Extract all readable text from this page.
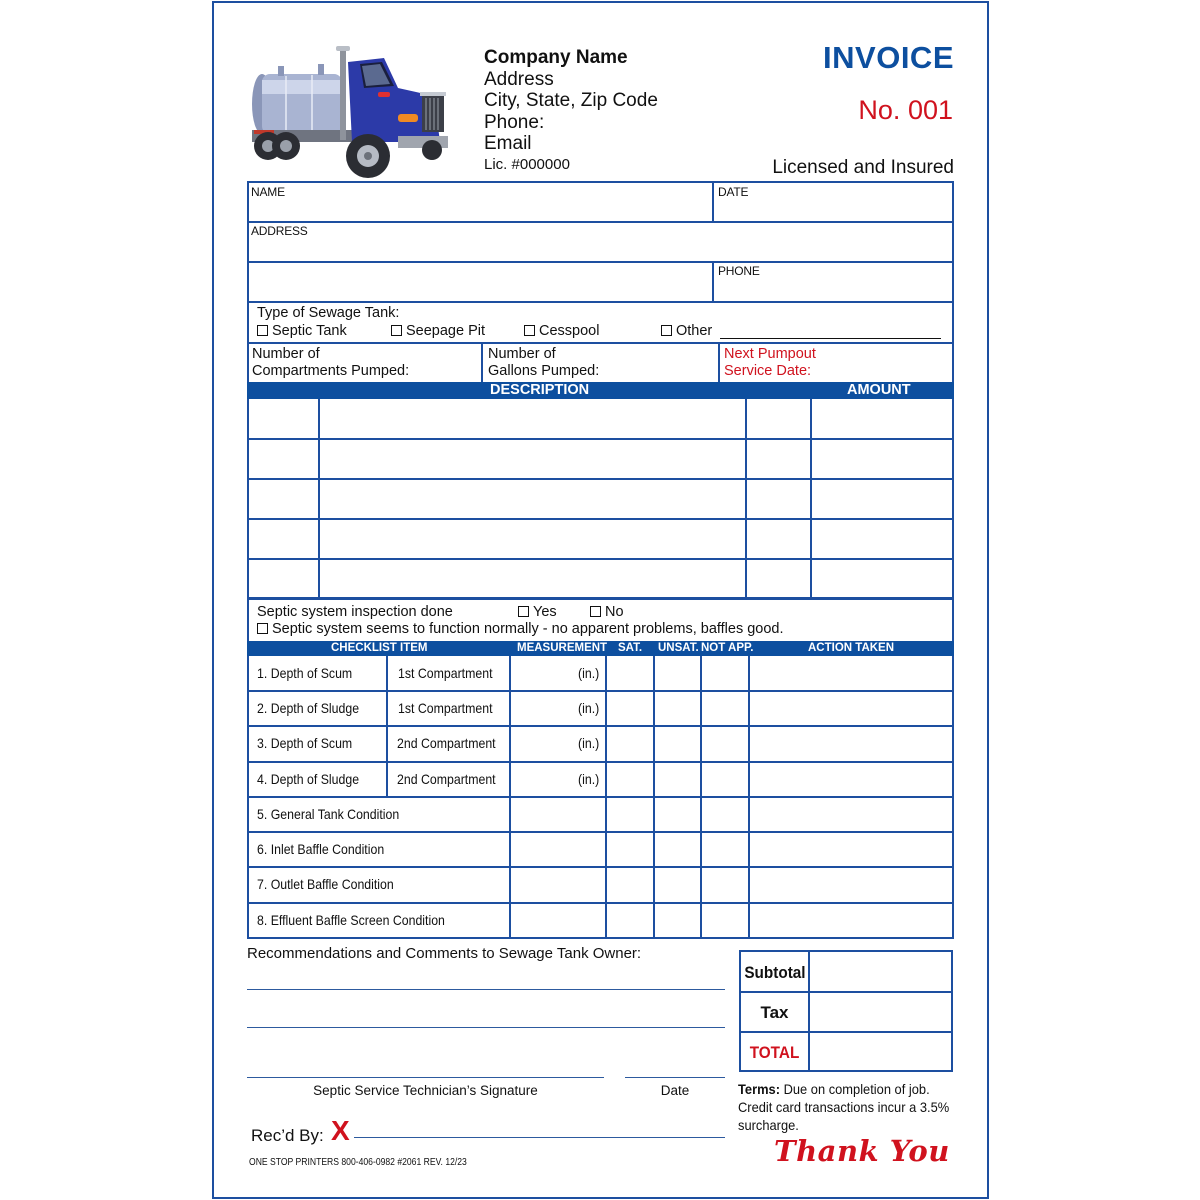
Company Name
Address
City, State, Zip Code
Phone:
Email
Lic. #000000
INVOICE
No. 001
Licensed and Insured
NAME	DATE
ADDRESS
PHONE
Type of Sewage Tank:
Septic Tank	Seepage Pit	Cesspool	Other
Number of
Compartments Pumped:
Number of
Gallons Pumped:
Next Pumpout
Service Date:
DESCRIPTION	AMOUNT
Septic system inspection done	Yes	No
Septic system seems to function normally - no apparent problems, baffles good.
CHECKLIST ITEM	MEASUREMENT SAT. UNSAT. NOT APP.	ACTION TAKEN
1. Depth of Scum	1st Compartment	(in.)
2. Depth of Sludge	1st Compartment	(in.)
3. Depth of Scum	2nd Compartment	(in.)
4. Depth of Sludge	2nd Compartment	(in.)
5. General Tank Condition
6. Inlet Baffle Condition
7. Outlet Baffle Condition
8. Effluent Baffle Screen Condition
Recommendations and Comments to Sewage Tank Owner:
Septic Service Technician’s Signature	Date
Rec’d By: X
ONE STOP PRINTERS 800-406-0982 #2061 REV. 12/23
Subtotal
Tax
TOTAL
Terms: Due on completion of job.
Credit card transactions incur a 3.5%
surcharge.
Thank You
